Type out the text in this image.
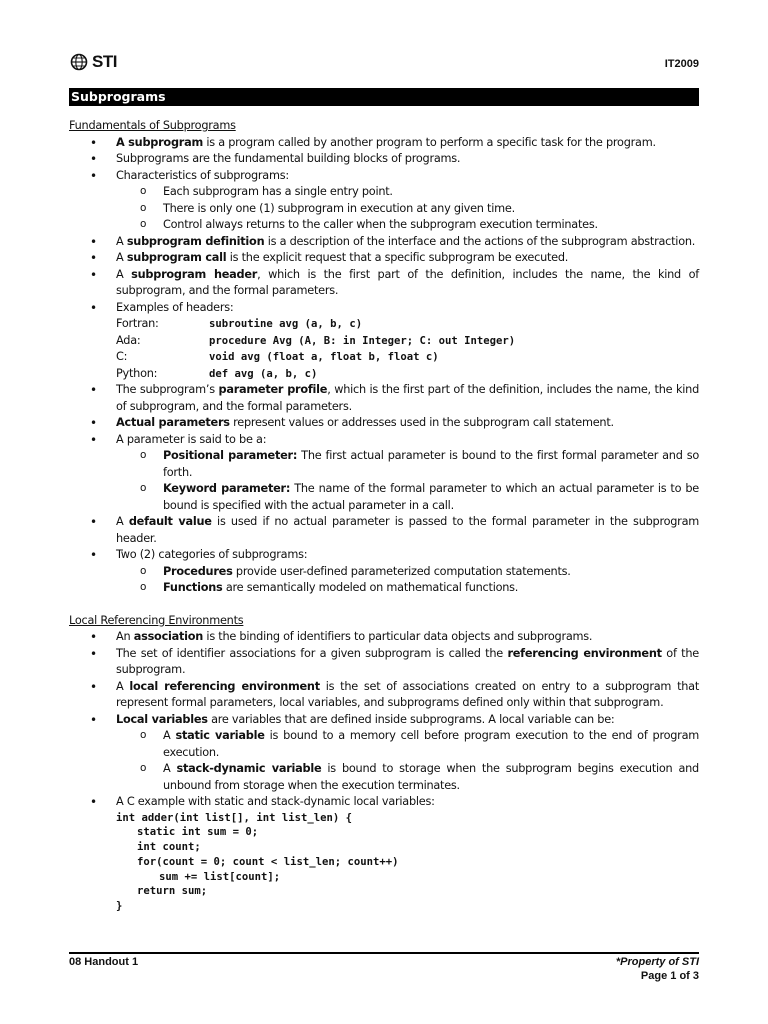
STI	IT2009
Subprograms
Fundamentals of Subprograms
• A subprogram is a program called by another program to perform a specific task for the program.
• Subprograms are the fundamental building blocks of programs.
• Characteristics of subprograms:
o Each subprogram has a single entry point.
o There is only one (1) subprogram in execution at any given time.
o Control always returns to the caller when the subprogram execution terminates.
• A subprogram definition is a description of the interface and the actions of the subprogram abstraction.
• A subprogram call is the explicit request that a specific subprogram be executed.
• A subprogram header, which is the first part of the definition, includes the name, the kind of subprogram, and the formal parameters.
• Examples of headers:
Fortran:	subroutine avg (a, b, c)
Ada:	procedure Avg (A, B: in Integer; C: out Integer)
C:	void avg (float a, float b, float c)
Python:	def avg (a, b, c)
• The subprogram’s parameter profile, which is the first part of the definition, includes the name, the kind of subprogram, and the formal parameters.
• Actual parameters represent values or addresses used in the subprogram call statement.
• A parameter is said to be a:
o Positional parameter: The first actual parameter is bound to the first formal parameter and so forth.
o Keyword parameter: The name of the formal parameter to which an actual parameter is to be bound is specified with the actual parameter in a call.
• A default value is used if no actual parameter is passed to the formal parameter in the subprogram header.
• Two (2) categories of subprograms:
o Procedures provide user-defined parameterized computation statements.
o Functions are semantically modeled on mathematical functions.
Local Referencing Environments
• An association is the binding of identifiers to particular data objects and subprograms.
• The set of identifier associations for a given subprogram is called the referencing environment of the subprogram.
• A local referencing environment is the set of associations created on entry to a subprogram that represent formal parameters, local variables, and subprograms defined only within that subprogram.
• Local variables are variables that are defined inside subprograms. A local variable can be:
o A static variable is bound to a memory cell before program execution to the end of program execution.
o A stack-dynamic variable is bound to storage when the subprogram begins execution and unbound from storage when the execution terminates.
• A C example with static and stack-dynamic local variables:
int adder(int list[], int list_len) {
static int sum = 0;
int count;
for(count = 0; count < list_len; count++)
sum += list[count];
return sum;
}
08 Handout 1	*Property of STI
Page 1 of 3
